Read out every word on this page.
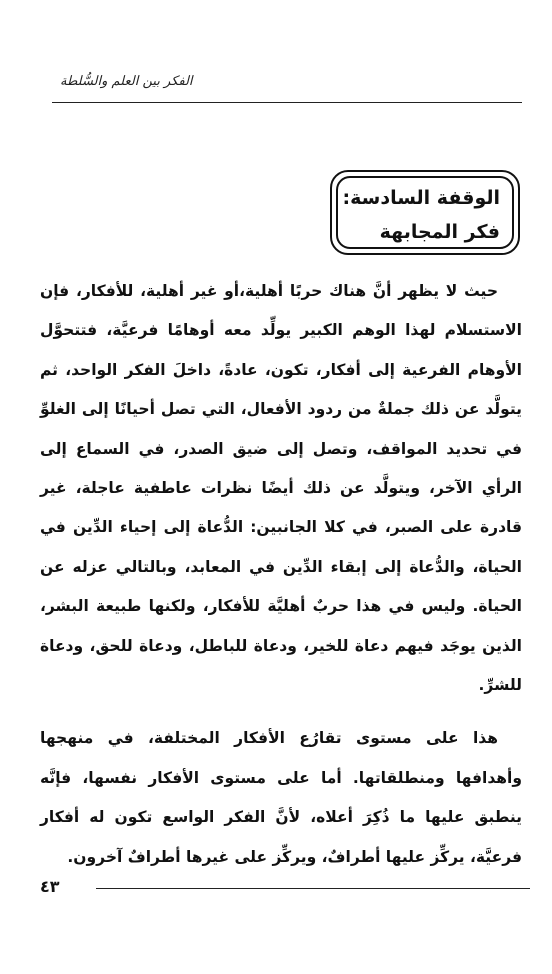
الفكر بين العلم والسُّلطة
الوقفة السادسة:
فكر المجابهة

حيث لا يظهر أنَّ هناك حربًا أهلية،أو غير أهلية، للأفكار، فإن الاستسلام لهذا الوهم الكبير يولِّد معه أوهامًا فرعيَّة، فتتحوَّل الأوهام الفرعية إلى أفكار، تكون، عادةً، داخلَ الفكر الواحد، ثم يتولَّد عن ذلك جملةٌ من ردود الأفعال، التي تصل أحيانًا إلى الغلوِّ في تحديد المواقف، وتصل إلى ضيق الصدر، في السماع إلى الرأي الآخر، ويتولَّد عن ذلك أيضًا نظرات عاطفية عاجلة، غير قادرة على الصبر، في كلا الجانبين: الدُّعاة إلى إحياء الدِّين في الحياة، والدُّعاة إلى إبقاء الدِّين في المعابد، وبالتالي عزله عن الحياة. وليس في هذا حربٌ أهليَّة للأفكار، ولكنها طبيعة البشر، الذين يوجَد فيهم دعاة للخير، ودعاة للباطل، ودعاة للحق، ودعاة للشرِّ.

هذا على مستوى تقارُع الأفكار المختلفة، في منهجها وأهدافها ومنطلقاتها. أما على مستوى الأفكار نفسها، فإنَّه ينطبق عليها ما ذُكِرَ أعلاه، لأنَّ الفكر الواسع تكون له أفكار فرعيَّة، يركِّز عليها أطرافٌ، ويركِّز على غيرها أطرافٌ آخرون.

٤٣
